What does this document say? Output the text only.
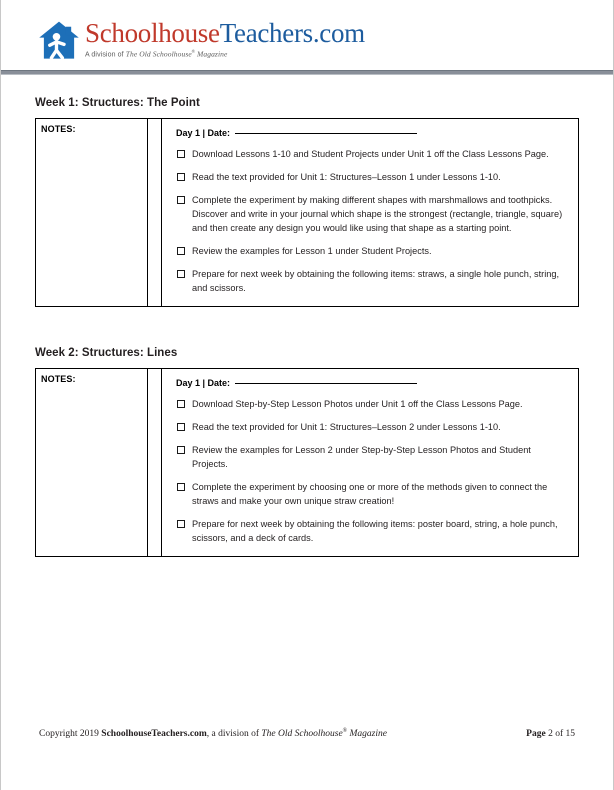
SchoolhouseTeachers.com
A division of The Old Schoolhouse® Magazine
Week 1: Structures: The Point
NOTES:	Day 1 | Date:
Download Lessons 1-10 and Student Projects under Unit 1 off the Class Lessons Page.
Read the text provided for Unit 1: Structures–Lesson 1 under Lessons 1-10.
Complete the experiment by making different shapes with marshmallows and toothpicks. Discover and write in your journal which shape is the strongest (rectangle, triangle, square) and then create any design you would like using that shape as a starting point.
Review the examples for Lesson 1 under Student Projects.
Prepare for next week by obtaining the following items: straws, a single hole punch, string, and scissors.
Week 2: Structures: Lines
NOTES:	Day 1 | Date:
Download Step-by-Step Lesson Photos under Unit 1 off the Class Lessons Page.
Read the text provided for Unit 1: Structures–Lesson 2 under Lessons 1-10.
Review the examples for Lesson 2 under Step-by-Step Lesson Photos and Student Projects.
Complete the experiment by choosing one or more of the methods given to connect the straws and make your own unique straw creation!
Prepare for next week by obtaining the following items: poster board, string, a hole punch, scissors, and a deck of cards.
Copyright 2019 SchoolhouseTeachers.com, a division of The Old Schoolhouse® Magazine	Page 2 of 15
